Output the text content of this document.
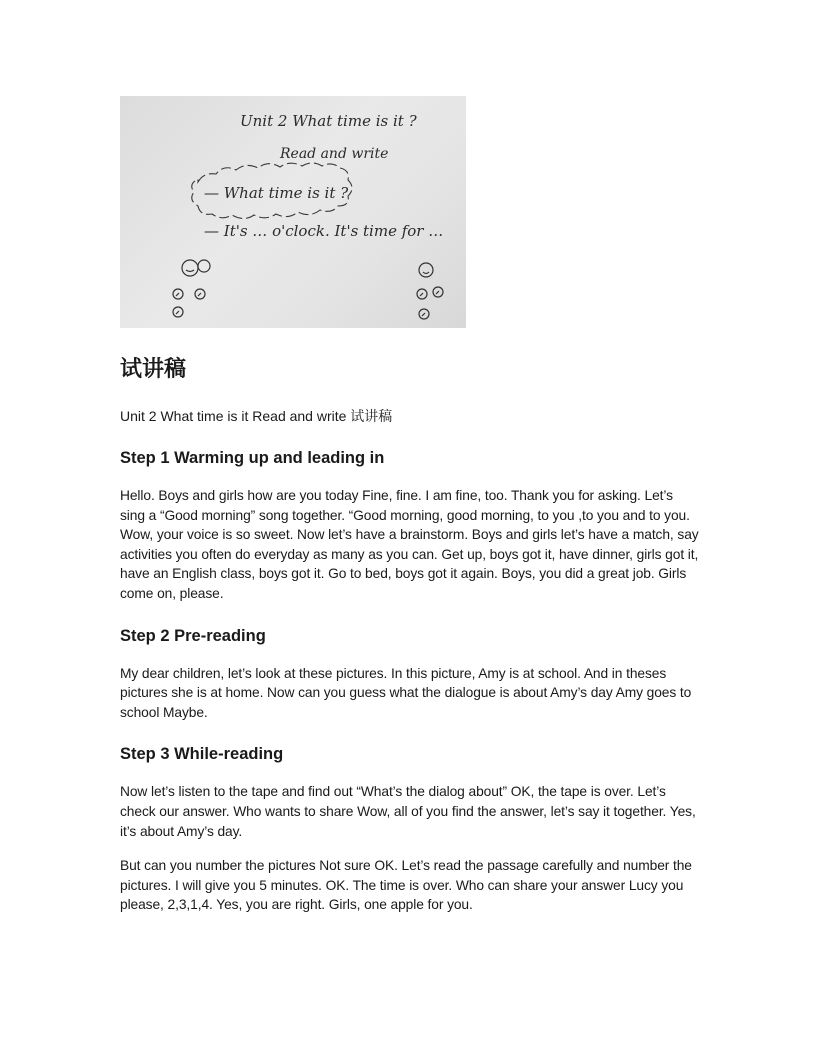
Unit 2 What time is it ?
Read and write
— What time is it ?
— It's … o'clock. It's time for …
试讲稿
Unit 2 What time is it Read and write 试讲稿
Step 1 Warming up and leading in

Hello. Boys and girls how are you today Fine, fine. I am fine, too. Thank you for asking. Let’s sing a “Good morning” song together. “Good morning, good morning, to you ,to you and to you. Wow, your voice is so sweet. Now let’s have a brainstorm. Boys and girls let’s have a match, say activities you often do everyday as many as you can. Get up, boys got it, have dinner, girls got it, have an English class, boys got it. Go to bed, boys got it again. Boys, you did a great job. Girls come on, please.

Step 2 Pre-reading

My dear children, let’s look at these pictures. In this picture, Amy is at school. And in theses pictures she is at home. Now can you guess what the dialogue is about Amy’s day Amy goes to school Maybe.

Step 3 While-reading

Now let’s listen to the tape and find out “What’s the dialog about” OK, the tape is over. Let’s check our answer. Who wants to share Wow, all of you find the answer, let’s say it together. Yes, it’s about Amy’s day.

But can you number the pictures Not sure OK. Let’s read the passage carefully and number the pictures. I will give you 5 minutes. OK. The time is over. Who can share your answer Lucy you please, 2,3,1,4. Yes, you are right. Girls, one apple for you.
